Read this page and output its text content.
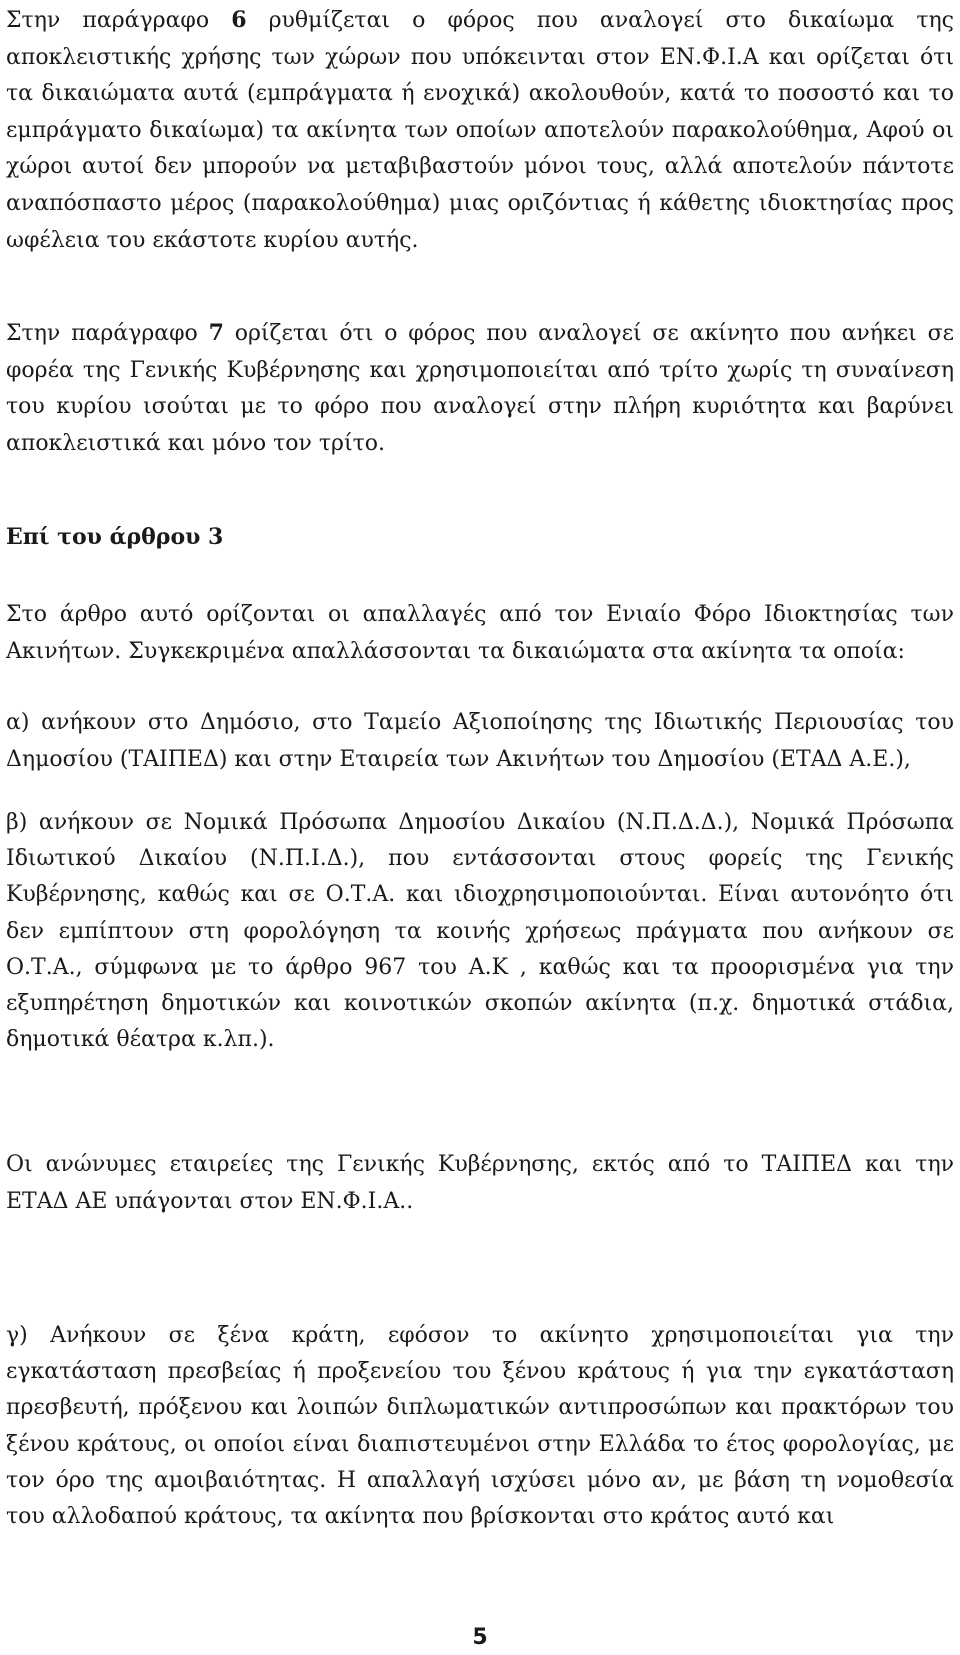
Στην παράγραφο 6 ρυθμίζεται ο φόρος που αναλογεί στο δικαίωμα της αποκλειστικής χρήσης των χώρων που υπόκεινται στον ΕΝ.Φ.Ι.Α και ορίζεται ότι τα δικαιώματα αυτά (εμπράγματα ή ενοχικά) ακολουθούν, κατά το ποσοστό και το εμπράγματο δικαίωμα) τα ακίνητα των οποίων αποτελούν παρακολούθημα, Αφού οι χώροι αυτοί δεν μπορούν να μεταβιβαστούν μόνοι τους, αλλά αποτελούν πάντοτε αναπόσπαστο μέρος (παρακολούθημα) μιας οριζόντιας ή κάθετης ιδιοκτησίας προς ωφέλεια του εκάστοτε κυρίου αυτής.

Στην παράγραφο 7 ορίζεται ότι ο φόρος που αναλογεί σε ακίνητο που ανήκει σε φορέα της Γενικής Κυβέρνησης και χρησιμοποιείται από τρίτο χωρίς τη συναίνεση του κυρίου ισούται με το φόρο που αναλογεί στην πλήρη κυριότητα και βαρύνει αποκλειστικά και μόνο τον τρίτο.

Επί του άρθρου 3

Στο άρθρο αυτό ορίζονται οι απαλλαγές από τον Ενιαίο Φόρο Ιδιοκτησίας των Ακινήτων. Συγκεκριμένα απαλλάσσονται τα δικαιώματα στα ακίνητα τα οποία:

α) ανήκουν στο Δημόσιο, στο Ταμείο Αξιοποίησης της Ιδιωτικής Περιουσίας του Δημοσίου (ΤΑΙΠΕΔ) και στην Εταιρεία των Ακινήτων του Δημοσίου (ΕΤΑΔ Α.Ε.),

β) ανήκουν σε Νομικά Πρόσωπα Δημοσίου Δικαίου (Ν.Π.Δ.Δ.), Νομικά Πρόσωπα Ιδιωτικού Δικαίου (Ν.Π.Ι.Δ.), που εντάσσονται στους φορείς της Γενικής Κυβέρνησης, καθώς και σε Ο.Τ.Α. και ιδιοχρησιμοποιούνται. Είναι αυτονόητο ότι δεν εμπίπτουν στη φορολόγηση τα κοινής χρήσεως πράγματα που ανήκουν σε Ο.Τ.Α., σύμφωνα με το άρθρο 967 του Α.Κ , καθώς και τα προορισμένα για την εξυπηρέτηση δημοτικών και κοινοτικών σκοπών ακίνητα (π.χ. δημοτικά στάδια, δημοτικά θέατρα κ.λπ.).

Οι ανώνυμες εταιρείες της Γενικής Κυβέρνησης, εκτός από το ΤΑΙΠΕΔ και την ΕΤΑΔ ΑΕ υπάγονται στον ΕΝ.Φ.Ι.Α..

γ) Ανήκουν σε ξένα κράτη, εφόσον το ακίνητο χρησιμοποιείται για την εγκατάσταση πρεσβείας ή προξενείου του ξένου κράτους ή για την εγκατάσταση πρεσβευτή, πρόξενου και λοιπών διπλωματικών αντιπροσώπων και πρακτόρων του ξένου κράτους, οι οποίοι είναι διαπιστευμένοι στην Ελλάδα το έτος φορολογίας, με τον όρο της αμοιβαιότητας. Η απαλλαγή ισχύσει μόνο αν, με βάση τη νομοθεσία του αλλοδαπού κράτους, τα ακίνητα που βρίσκονται στο κράτος αυτό και

5
